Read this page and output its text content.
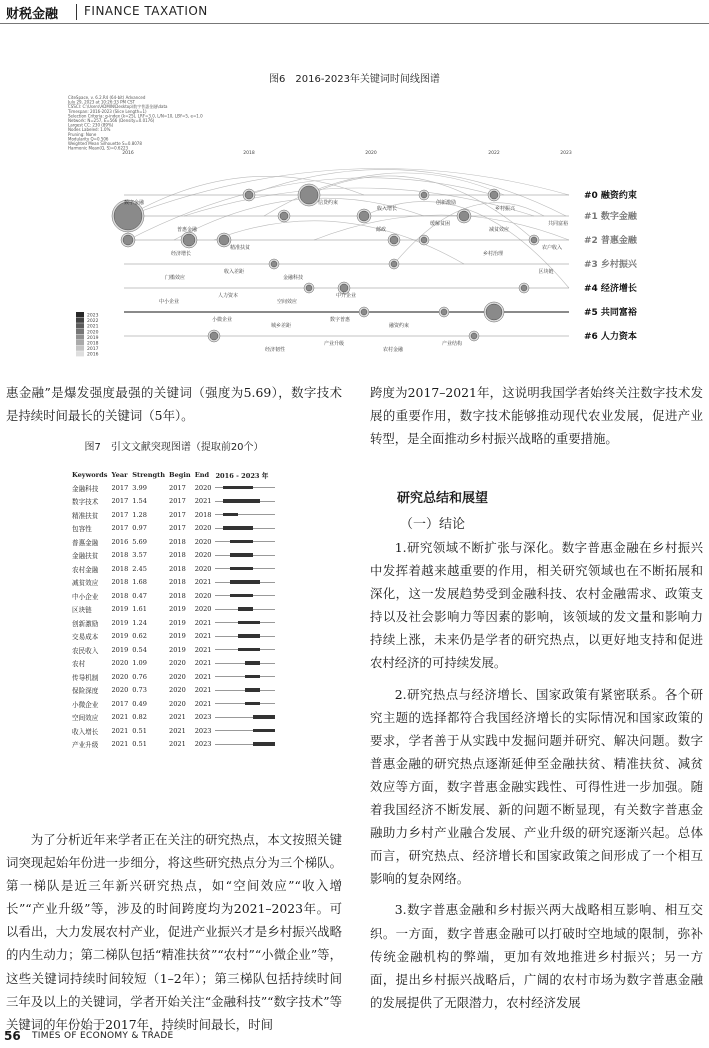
财税金融 FINANCE TAXATION
图6　2016-2023年关键词时间线图谱
CiteSpace, v. 6.2.R4 (64-bit) Advanced
July 29, 2023 at 10:26:33 PM CST
CSSCI: C:\Users\ADMIN\Desktop\数字普惠金融\data
Timespan: 2016-2023 (Slice Length=1)
Selection Criteria: g-index (k=25), LRF=3.0, L/N=10, LBY=5, e=1.0
Network: N=257, E=566 (Density=0.0176)
Largest CC: 230 (89%)
Nodes Labeled: 1.0%
Pruning: None
Modularity Q=0.506
Weighted Mean Silhouette S=0.8078
Harmonic Mean(Q, S)=0.6223
2016	2018	2020	2022	2023
数字金融
普惠金融
精准扶贫
金融科技
中介企业
融资约束
产业结构
乡村振兴
共同富裕
经济增长
收入差距
空间效应
数字普惠
农村金融
创新激励
减贫效应
农户收入
门槛效应
人力资本
城乡差距
产业升级
收入增长
缓解贫困
乡村治理
区块链
中小企业
小微企业
经济韧性
信贷约束
邮政
2023
2022
2021
2020
2019
2018
2017
2016
#0 融资约束
#1 数字金融
#2 普惠金融
#3 乡村振兴
#4 经济增长
#5 共同富裕
#6 人力资本

惠金融”是爆发强度最强的关键词（强度为5.69），数字技术是持续时间最长的关键词（5年）。

图7　引文文献突现图谱（提取前20个）
Keywords	Year	Strength	Begin	End	2016 - 2023 年
金融科技	2017	3.99	2017	2020	

数字技术	2017	1.54	2017	2021	

精准扶贫	2017	1.28	2017	2018	

包容性	2017	0.97	2017	2020	

普惠金融	2016	5.69	2018	2020	

金融扶贫	2018	3.57	2018	2020	

农村金融	2018	2.45	2018	2020	

减贫效应	2018	1.68	2018	2021	

中小企业	2018	0.47	2018	2020	

区块链	2019	1.61	2019	2020	

创新激励	2019	1.24	2019	2021	

交易成本	2019	0.62	2019	2021	

农民收入	2019	0.54	2019	2021	

农村	2020	1.09	2020	2021	

传导机制	2020	0.76	2020	2021	

保险深度	2020	0.73	2020	2021	

小微企业	2017	0.49	2020	2021	

空间效应	2021	0.82	2021	2023	

收入增长	2021	0.51	2021	2023	

产业升级	2021	0.51	2021	2023	

为了分析近年来学者正在关注的研究热点，本文按照关键词突现起始年份进一步细分，将这些研究热点分为三个梯队。第一梯队是近三年新兴研究热点，如“空间效应”“收入增长”“产业升级”等，涉及的时间跨度均为2021–2023年。可以看出，大力发展农村产业，促进产业振兴才是乡村振兴战略的内生动力；第二梯队包括“精准扶贫”“农村”“小微企业”等，这些关键词持续时间较短（1–2年）；第三梯队包括持续时间三年及以上的关键词，学者开始关注“金融科技”“数字技术”等关键词的年份始于2017年，持续时间最长，时间

跨度为2017–2021年，这说明我国学者始终关注数字技术发展的重要作用，数字技术能够推动现代农业发展，促进产业转型，是全面推动乡村振兴战略的重要措施。

研究总结和展望
（一）结论

1.研究领域不断扩张与深化。数字普惠金融在乡村振兴中发挥着越来越重要的作用，相关研究领域也在不断拓展和深化，这一发展趋势受到金融科技、农村金融需求、政策支持以及社会影响力等因素的影响，该领域的发文量和影响力持续上涨，未来仍是学者的研究热点，以更好地支持和促进农村经济的可持续发展。

2.研究热点与经济增长、国家政策有紧密联系。各个研究主题的选择都符合我国经济增长的实际情况和国家政策的要求，学者善于从实践中发掘问题并研究、解决问题。数字普惠金融的研究热点逐渐延伸至金融扶贫、精准扶贫、减贫效应等方面，数字普惠金融实践性、可得性进一步加强。随着我国经济不断发展、新的问题不断显现，有关数字普惠金融助力乡村产业融合发展、产业升级的研究逐渐兴起。总体而言，研究热点、经济增长和国家政策之间形成了一个相互影响的复杂网络。

3.数字普惠金融和乡村振兴两大战略相互影响、相互交织。一方面，数字普惠金融可以打破时空地域的限制，弥补传统金融机构的弊端，更加有效地推进乡村振兴；另一方面，提出乡村振兴战略后，广阔的农村市场为数字普惠金融的发展提供了无限潜力，农村经济发展

56 TIMES OF ECONOMY & TRADE
